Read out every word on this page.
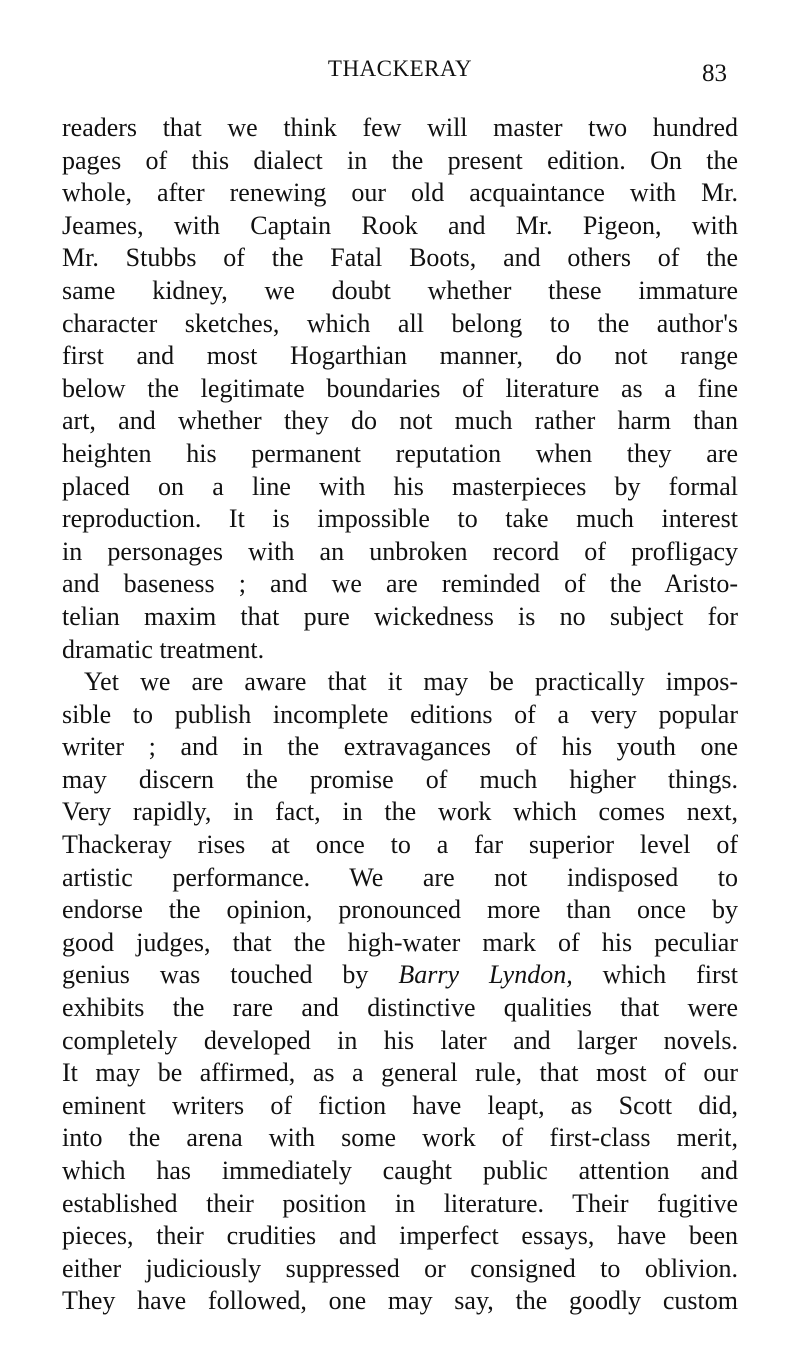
THACKERAY	83
readers that we think few will master two hundred
pages of this dialect in the present edition. On the
whole, after renewing our old acquaintance with Mr.
Jeames, with Captain Rook and Mr. Pigeon, with
Mr. Stubbs of the Fatal Boots, and others of the
same kidney, we doubt whether these immature
character sketches, which all belong to the author's
first and most Hogarthian manner, do not range
below the legitimate boundaries of literature as a fine
art, and whether they do not much rather harm than
heighten his permanent reputation when they are
placed on a line with his masterpieces by formal
reproduction. It is impossible to take much interest
in personages with an unbroken record of profligacy
and baseness ; and we are reminded of the Aristo-
telian maxim that pure wickedness is no subject for
dramatic treatment.
Yet we are aware that it may be practically impos-
sible to publish incomplete editions of a very popular
writer ; and in the extravagances of his youth one
may discern the promise of much higher things.
Very rapidly, in fact, in the work which comes next,
Thackeray rises at once to a far superior level of
artistic performance. We are not indisposed to
endorse the opinion, pronounced more than once by
good judges, that the high-water mark of his peculiar
genius was touched by Barry Lyndon, which first
exhibits the rare and distinctive qualities that were
completely developed in his later and larger novels.
It may be affirmed, as a general rule, that most of our
eminent writers of fiction have leapt, as Scott did,
into the arena with some work of first-class merit,
which has immediately caught public attention and
established their position in literature. Their fugitive
pieces, their crudities and imperfect essays, have been
either judiciously suppressed or consigned to oblivion.
They have followed, one may say, the goodly custom
